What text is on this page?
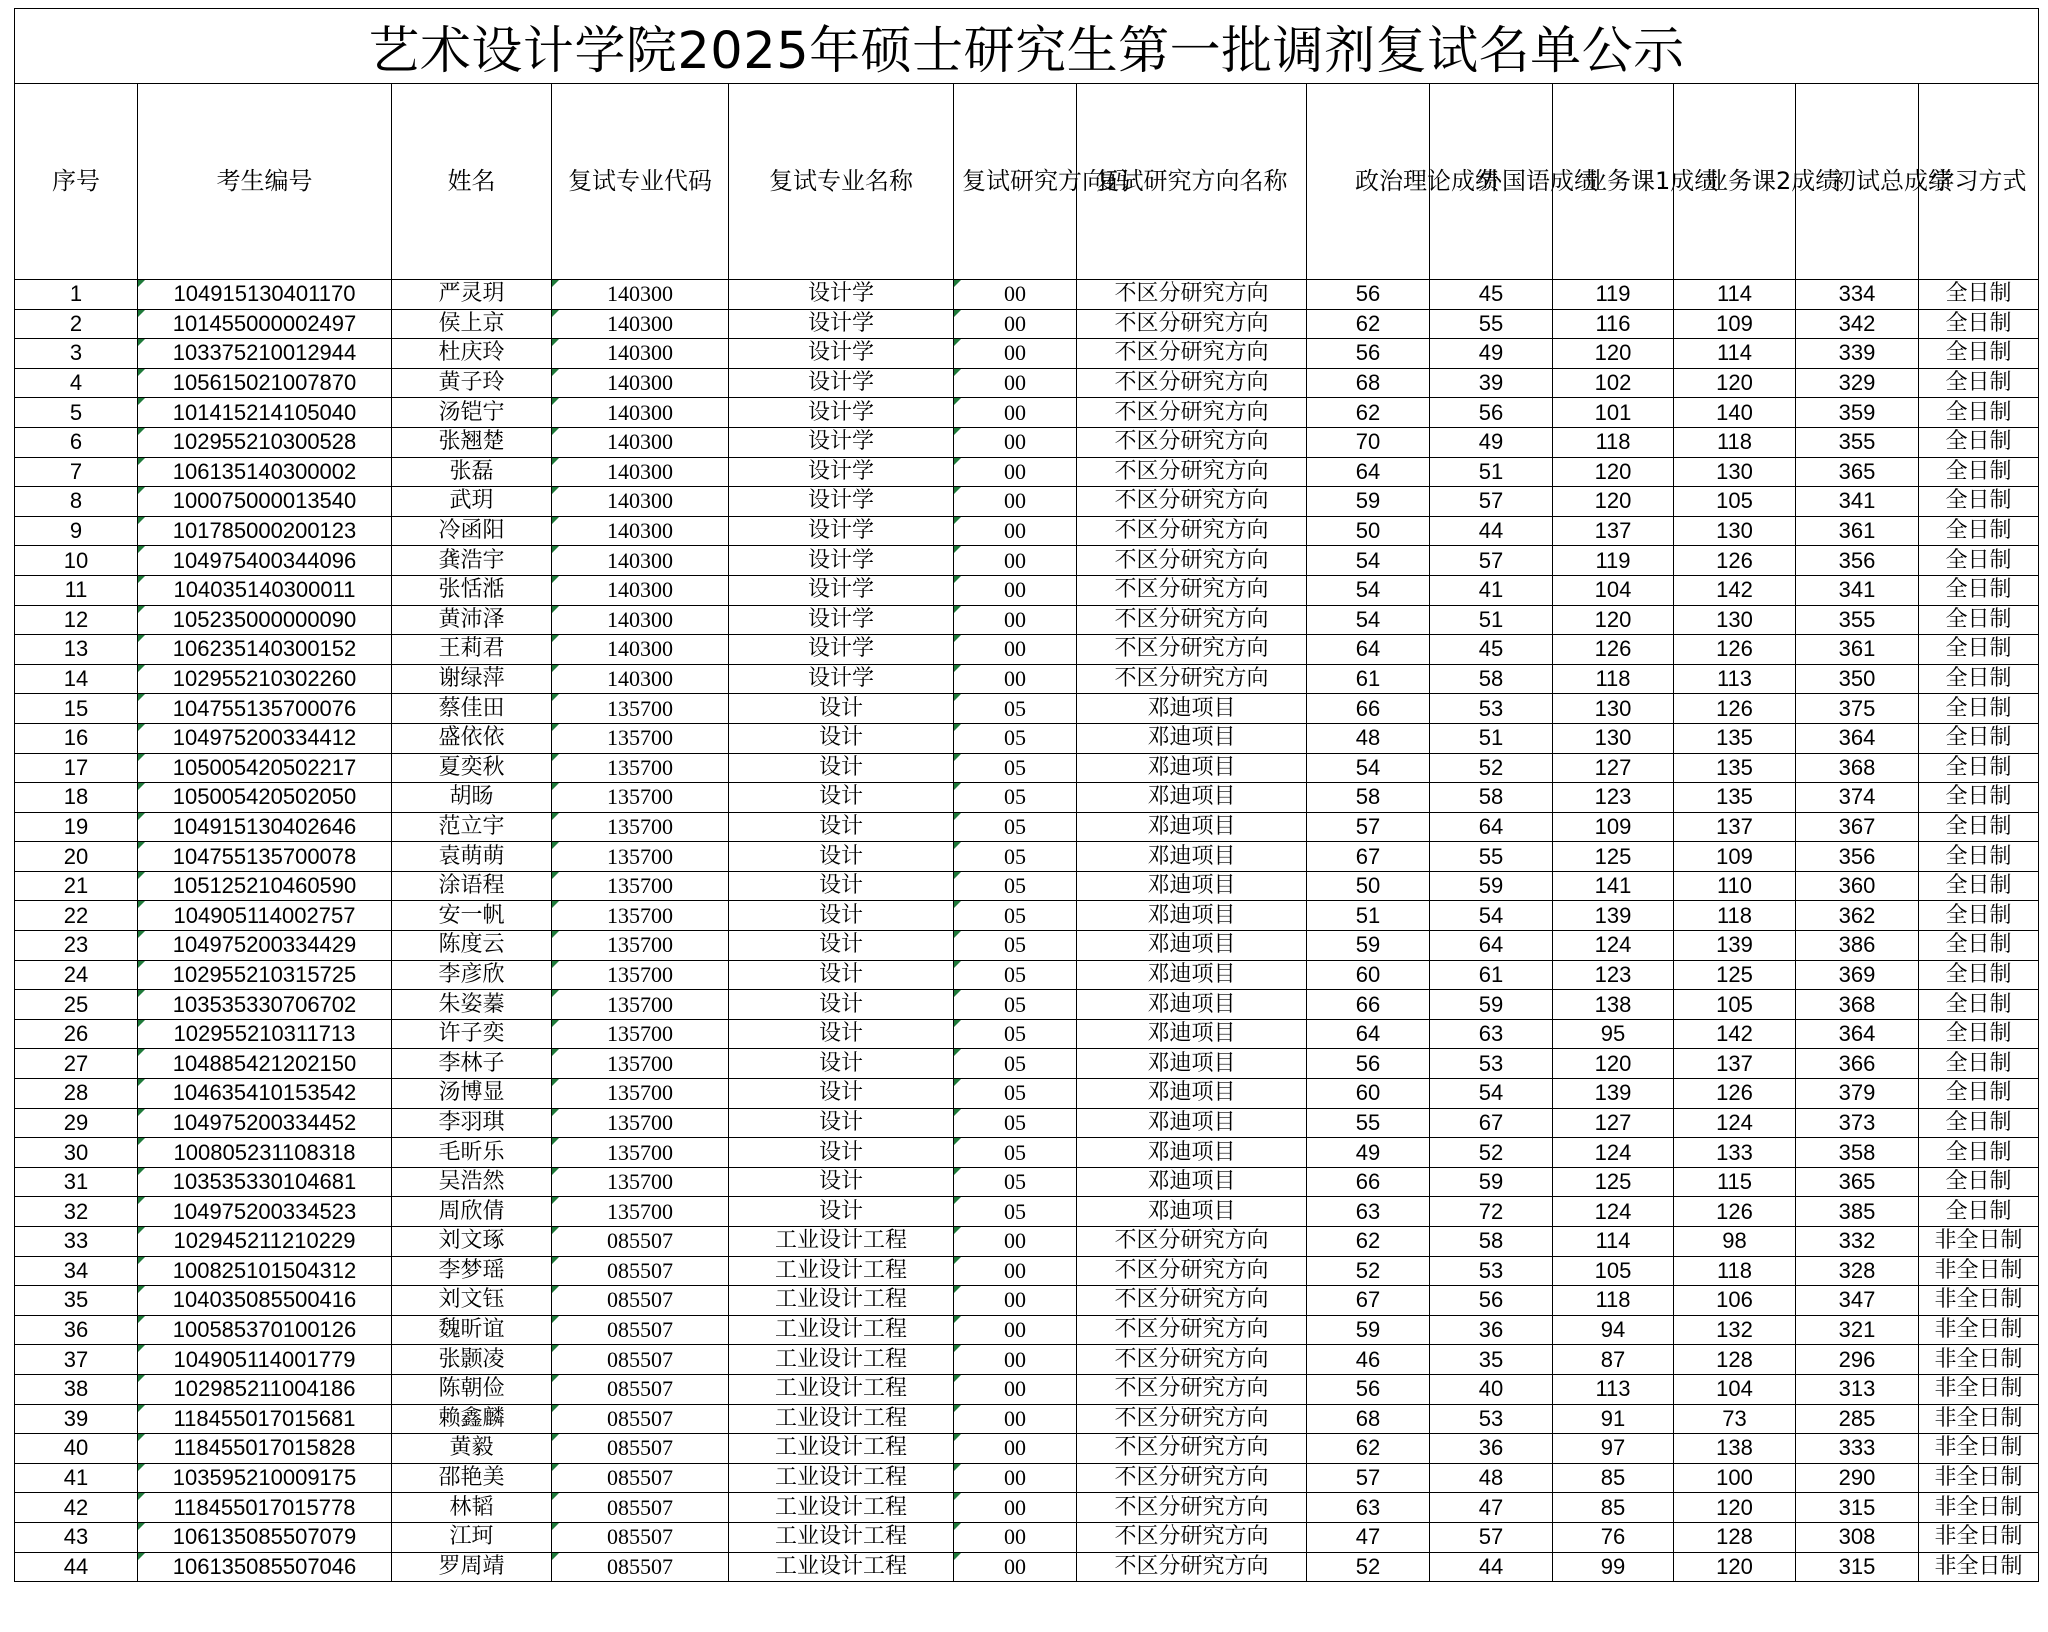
艺术设计学院2025年硕士研究生第一批调剂复试名单公示												
序号	考生编号	姓名	复试专业代码	复试专业名称	复试研究方向码	复试研究方向名称	政治理论成绩	外国语成绩	业务课1成绩	业务课2成绩	初试总成绩	学习方式
1	104915130401170	严灵玥	140300	设计学	00	不区分研究方向	56	45	119	114	334	全日制
2	101455000002497	侯上京	140300	设计学	00	不区分研究方向	62	55	116	109	342	全日制
3	103375210012944	杜庆玲	140300	设计学	00	不区分研究方向	56	49	120	114	339	全日制
4	105615021007870	黄子玲	140300	设计学	00	不区分研究方向	68	39	102	120	329	全日制
5	101415214105040	汤铠宁	140300	设计学	00	不区分研究方向	62	56	101	140	359	全日制
6	102955210300528	张翘楚	140300	设计学	00	不区分研究方向	70	49	118	118	355	全日制
7	106135140300002	张磊	140300	设计学	00	不区分研究方向	64	51	120	130	365	全日制
8	100075000013540	武玥	140300	设计学	00	不区分研究方向	59	57	120	105	341	全日制
9	101785000200123	冷函阳	140300	设计学	00	不区分研究方向	50	44	137	130	361	全日制
10	104975400344096	龚浩宇	140300	设计学	00	不区分研究方向	54	57	119	126	356	全日制
11	104035140300011	张恬湉	140300	设计学	00	不区分研究方向	54	41	104	142	341	全日制
12	105235000000090	黄沛泽	140300	设计学	00	不区分研究方向	54	51	120	130	355	全日制
13	106235140300152	王莉君	140300	设计学	00	不区分研究方向	64	45	126	126	361	全日制
14	102955210302260	谢绿萍	140300	设计学	00	不区分研究方向	61	58	118	113	350	全日制
15	104755135700076	蔡佳田	135700	设计	05	邓迪项目	66	53	130	126	375	全日制
16	104975200334412	盛依依	135700	设计	05	邓迪项目	48	51	130	135	364	全日制
17	105005420502217	夏奕秋	135700	设计	05	邓迪项目	54	52	127	135	368	全日制
18	105005420502050	胡旸	135700	设计	05	邓迪项目	58	58	123	135	374	全日制
19	104915130402646	范立宇	135700	设计	05	邓迪项目	57	64	109	137	367	全日制
20	104755135700078	袁萌萌	135700	设计	05	邓迪项目	67	55	125	109	356	全日制
21	105125210460590	涂语程	135700	设计	05	邓迪项目	50	59	141	110	360	全日制
22	104905114002757	安一帆	135700	设计	05	邓迪项目	51	54	139	118	362	全日制
23	104975200334429	陈度云	135700	设计	05	邓迪项目	59	64	124	139	386	全日制
24	102955210315725	李彦欣	135700	设计	05	邓迪项目	60	61	123	125	369	全日制
25	103535330706702	朱姿蓁	135700	设计	05	邓迪项目	66	59	138	105	368	全日制
26	102955210311713	许子奕	135700	设计	05	邓迪项目	64	63	95	142	364	全日制
27	104885421202150	李林子	135700	设计	05	邓迪项目	56	53	120	137	366	全日制
28	104635410153542	汤博显	135700	设计	05	邓迪项目	60	54	139	126	379	全日制
29	104975200334452	李羽琪	135700	设计	05	邓迪项目	55	67	127	124	373	全日制
30	100805231108318	毛昕乐	135700	设计	05	邓迪项目	49	52	124	133	358	全日制
31	103535330104681	吴浩然	135700	设计	05	邓迪项目	66	59	125	115	365	全日制
32	104975200334523	周欣倩	135700	设计	05	邓迪项目	63	72	124	126	385	全日制
33	102945211210229	刘文琢	085507	工业设计工程	00	不区分研究方向	62	58	114	98	332	非全日制
34	100825101504312	李梦瑶	085507	工业设计工程	00	不区分研究方向	52	53	105	118	328	非全日制
35	104035085500416	刘文钰	085507	工业设计工程	00	不区分研究方向	67	56	118	106	347	非全日制
36	100585370100126	魏昕谊	085507	工业设计工程	00	不区分研究方向	59	36	94	132	321	非全日制
37	104905114001779	张颢凌	085507	工业设计工程	00	不区分研究方向	46	35	87	128	296	非全日制
38	102985211004186	陈朝俭	085507	工业设计工程	00	不区分研究方向	56	40	113	104	313	非全日制
39	118455017015681	赖鑫麟	085507	工业设计工程	00	不区分研究方向	68	53	91	73	285	非全日制
40	118455017015828	黄毅	085507	工业设计工程	00	不区分研究方向	62	36	97	138	333	非全日制
41	103595210009175	邵艳美	085507	工业设计工程	00	不区分研究方向	57	48	85	100	290	非全日制
42	118455017015778	林韬	085507	工业设计工程	00	不区分研究方向	63	47	85	120	315	非全日制
43	106135085507079	江珂	085507	工业设计工程	00	不区分研究方向	47	57	76	128	308	非全日制
44	106135085507046	罗周靖	085507	工业设计工程	00	不区分研究方向	52	44	99	120	315	非全日制
